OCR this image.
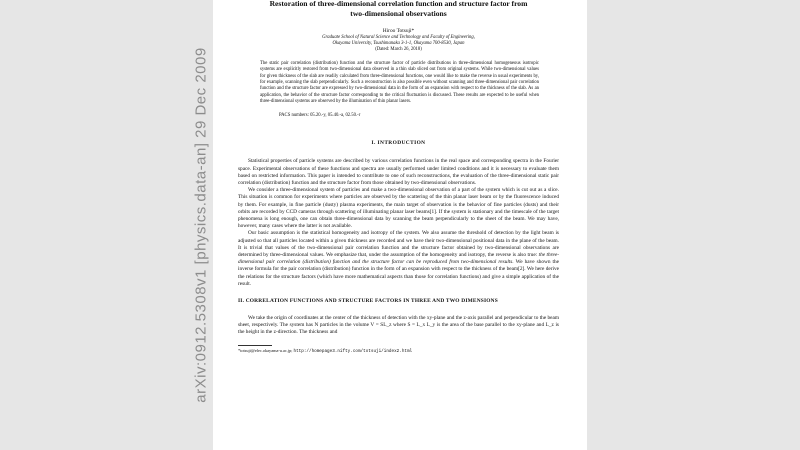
arXiv:0912.5308v1 [physics.data-an] 29 Dec 2009
Restoration of three-dimensional correlation function and structure factor from
two-dimensional observations
Hiroo Totsuji*
Graduate School of Natural Science and Technology and Faculty of Engineering,
Okayama University, Tsushimanaka 3-1-1, Okayama 700-8530, Japan
(Dated: March 26, 2018)
The static pair correlation (distribution) function and the structure factor of particle distributions in three-dimensional homogeneous isotropic systems are explicitly restored from two-dimensional data observed in a thin slab sliced out from original systems. While two-dimensional values for given thickness of the slab are readily calculated from three-dimensional functions, one would like to make the reverse in usual experiments by, for example, scanning the slab perpendicularly. Such a reconstruction is also possible even without scanning and three-dimensional pair correlation function and the structure factor are expressed by two-dimensional data in the form of an expansion with respect to the thickness of the slab. As an application, the behavior of the structure factor corresponding to the critical fluctuation is discussed. These results are expected to be useful when three-dimensional systems are observed by the illumination of thin planar lasers.
PACS numbers: 05.20.-y, 05.40.-a, 02.50.-r
I. INTRODUCTION

Statistical properties of particle systems are described by various correlation functions in the real space and corresponding spectra in the Fourier space. Experimental observations of these functions and spectra are usually performed under limited conditions and it is necessary to evaluate them based on restricted information. This paper is intended to contribute to one of such reconstructions, the evaluation of the three-dimensional static pair correlation (distribution) function and the structure factor from those obtained by two-dimensional observations.

We consider a three-dimensional system of particles and make a two-dimensional observation of a part of the system which is cut out as a slice. This situation is common for experiments where particles are observed by the scattering of the thin planar laser beam or by the fluorescence induced by them. For example, in fine particle (dusty) plasma experiments, the main target of observation is the behavior of fine particles (dusts) and their orbits are recorded by CCD cameras through scattering of illuminating planar laser beams[1]. If the system is stationary and the timescale of the target phenomena is long enough, one can obtain three-dimensional data by scanning the beam perpendicularly to the sheet of the beam. We may have, however, many cases where the latter is not available.

Our basic assumption is the statistical homogeneity and isotropy of the system. We also assume the threshold of detection by the light beam is adjusted so that all particles located within a given thickness are recorded and we have their two-dimensional positional data in the plane of the beam. It is trivial that values of the two-dimensional pair correlation function and the structure factor obtained by two-dimensional observations are determined by three-dimensional values. We emphasize that, under the assumption of the homogeneity and isotropy, the reverse is also true: the three-dimensional pair correlation (distribution) function and the structure factor can be reproduced from two-dimensional results. We have shown the inverse formula for the pair correlation (distribution) function in the form of an expansion with respect to the thickness of the beam[2]. We here derive the relations for the structure factors (which have more mathematical aspects than those for correlation functions) and give a simple application of the result.

II. CORRELATION FUNCTIONS AND STRUCTURE FACTORS IN THREE AND TWO DIMENSIONS

We take the origin of coordinates at the center of the thickness of detection with the xy-plane and the z-axis parallel and perpendicular to the beam sheet, respectively. The system has N particles in the volume V = SL_z where S = L_x L_y is the area of the base parallel to the xy-plane and L_z is the height in the z-direction. The thickness and

*totsuji@elec.okayama-u.ac.jp; http://homepage3.nifty.com/totsuji/index2.html
